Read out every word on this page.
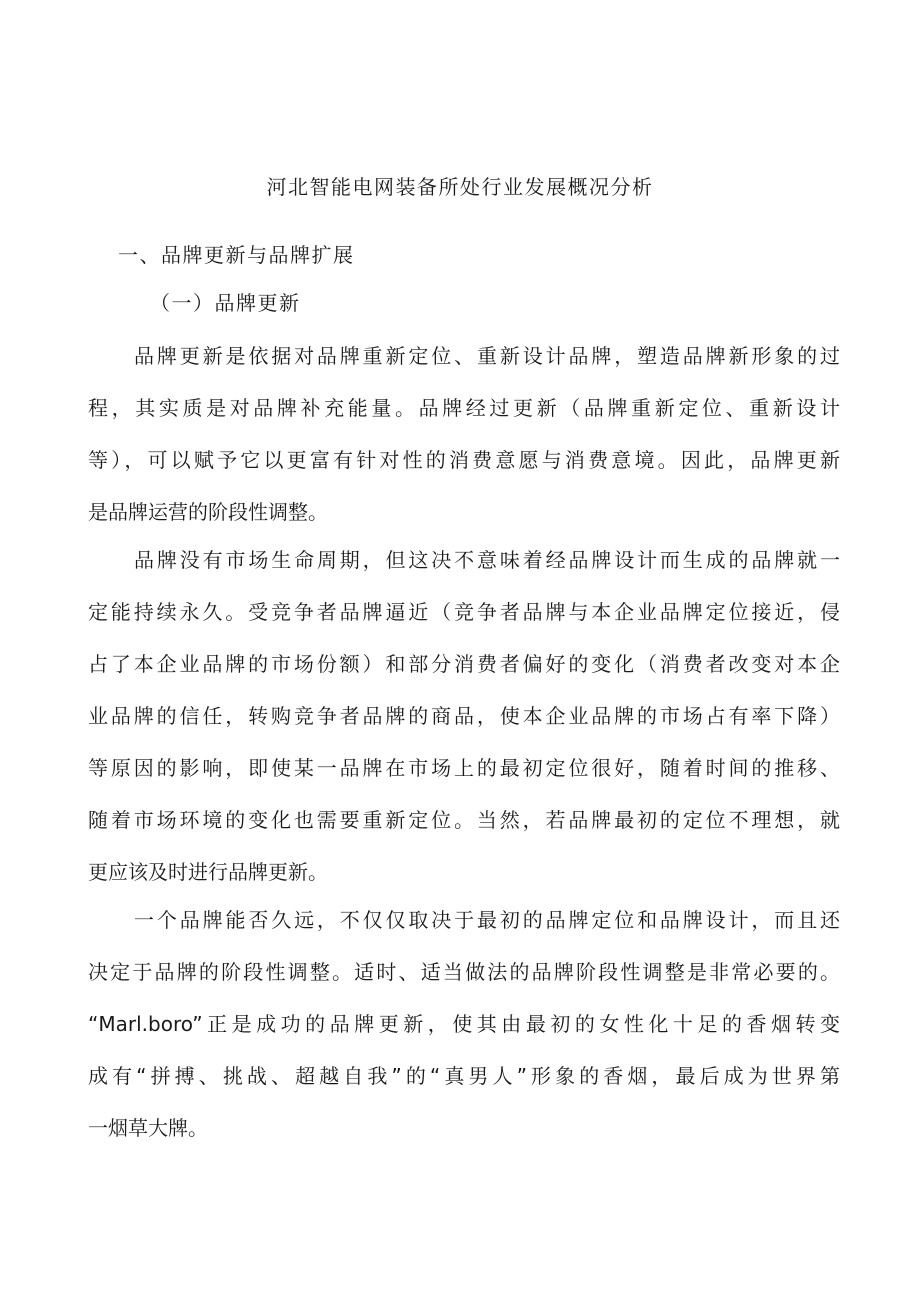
河北智能电网装备所处行业发展概况分析
一、品牌更新与品牌扩展
（一）品牌更新

品牌更新是依据对品牌重新定位、重新设计品牌，塑造品牌新形象的过
程，其实质是对品牌补充能量。品牌经过更新（品牌重新定位、重新设计
等），可以赋予它以更富有针对性的消费意愿与消费意境。因此，品牌更新
是品牌运营的阶段性调整。

品牌没有市场生命周期，但这决不意味着经品牌设计而生成的品牌就一
定能持续永久。受竞争者品牌逼近（竞争者品牌与本企业品牌定位接近，侵
占了本企业品牌的市场份额）和部分消费者偏好的变化（消费者改变对本企
业品牌的信任，转购竞争者品牌的商品，使本企业品牌的市场占有率下降）
等原因的影响，即使某一品牌在市场上的最初定位很好，随着时间的推移、
随着市场环境的变化也需要重新定位。当然，若品牌最初的定位不理想，就
更应该及时进行品牌更新。

一个品牌能否久远，不仅仅取决于最初的品牌定位和品牌设计，而且还
决定于品牌的阶段性调整。适时、适当做法的品牌阶段性调整是非常必要的。
“Marl.boro”正是成功的品牌更新，使其由最初的女性化十足的香烟转变
成有“拼搏、挑战、超越自我”的“真男人”形象的香烟，最后成为世界第
一烟草大牌。
